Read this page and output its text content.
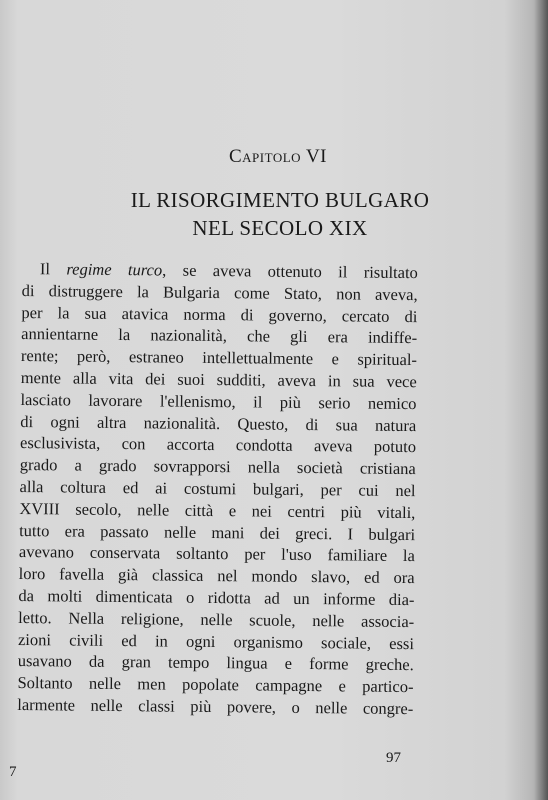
Capitolo VI
IL RISORGIMENTO BULGARO
NEL SECOLO XIX
Il regime turco, se aveva ottenuto il risultato
di distruggere la Bulgaria come Stato, non aveva,
per la sua atavica norma di governo, cercato di
annientarne la nazionalità, che gli era indiffe-
rente; però, estraneo intellettualmente e spiritual-
mente alla vita dei suoi sudditi, aveva in sua vece
lasciato lavorare l'ellenismo, il più serio nemico
di ogni altra nazionalità. Questo, di sua natura
esclusivista, con accorta condotta aveva potuto
grado a grado sovrapporsi nella società cristiana
alla coltura ed ai costumi bulgari, per cui nel
XVIII secolo, nelle città e nei centri più vitali,
tutto era passato nelle mani dei greci. I bulgari
avevano conservata soltanto per l'uso familiare la
loro favella già classica nel mondo slavo, ed ora
da molti dimenticata o ridotta ad un informe dia-
letto. Nella religione, nelle scuole, nelle associa-
zioni civili ed in ogni organismo sociale, essi
usavano da gran tempo lingua e forme greche.
Soltanto nelle men popolate campagne e partico-
larmente nelle classi più povere, o nelle congre-
97
7
